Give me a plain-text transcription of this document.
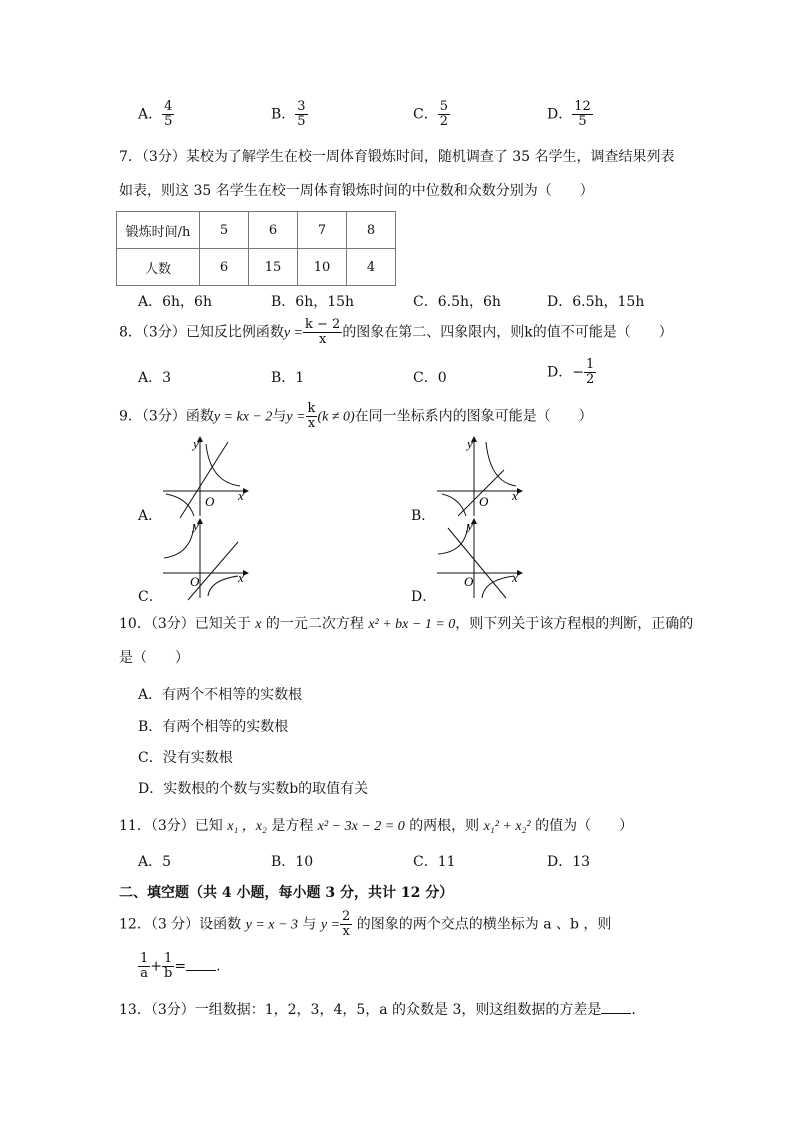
A． $\frac{4}{5}$	B． $\frac{3}{5}$	C． $\frac{5}{2}$	D． $\frac{12}{5}$
7．（3分）某校为了解学生在校一周体育锻炼时间，随机调查了 35 名学生，调查结果列表
如表，则这 35 名学生在校一周体育锻炼时间的中位数和众数分别为（　　）
锻炼时间/h	5	6	7	8
人数	6	15	10	4
A．6h，6h	B．6h，15h	C．6.5h，6h	D．6.5h，15h
8．（3分）已知反比例函数$y = \frac{k - 2}{x}$ 的图象在第二、四象限内，则k的值不可能是（　　）
A．3	B．1	C．0	D．− $\frac{1}{2}$
9．（3分）函数y = kx − 2与$y = \frac{k}{x} (k \ne 0)$在同一坐标系内的图象可能是（　　）
A．	B．
C．	D．
y
x
O
y
x
O
y
x
O
y
x
O
10．（3分）已知关于 x 的一元二次方程 x² + bx − 1 = 0，则下列关于该方程根的判断，正确的
是（　　）
A．有两个不相等的实数根
B．有两个相等的实数根
C．没有实数根
D．实数根的个数与实数b的取值有关
11．（3分）已知 x₁ ，x₂ 是方程 x² − 3x − 2 = 0 的两根，则 x₁² + x₂² 的值为（　　）
A．5	B．10	C．11	D．13
二、填空题（共 4 小题，每小题 3 分，共计 12 分）
12．（3 分）设函数 y = x − 3 与 $y = \frac{2}{x}$ 的图象的两个交点的横坐标为 a 、b ，则
$\frac{1}{a} + \frac{1}{b}$ = .
13．（3分）一组数据：1，2，3，4，5，a 的众数是 3，则这组数据的方差是 .
